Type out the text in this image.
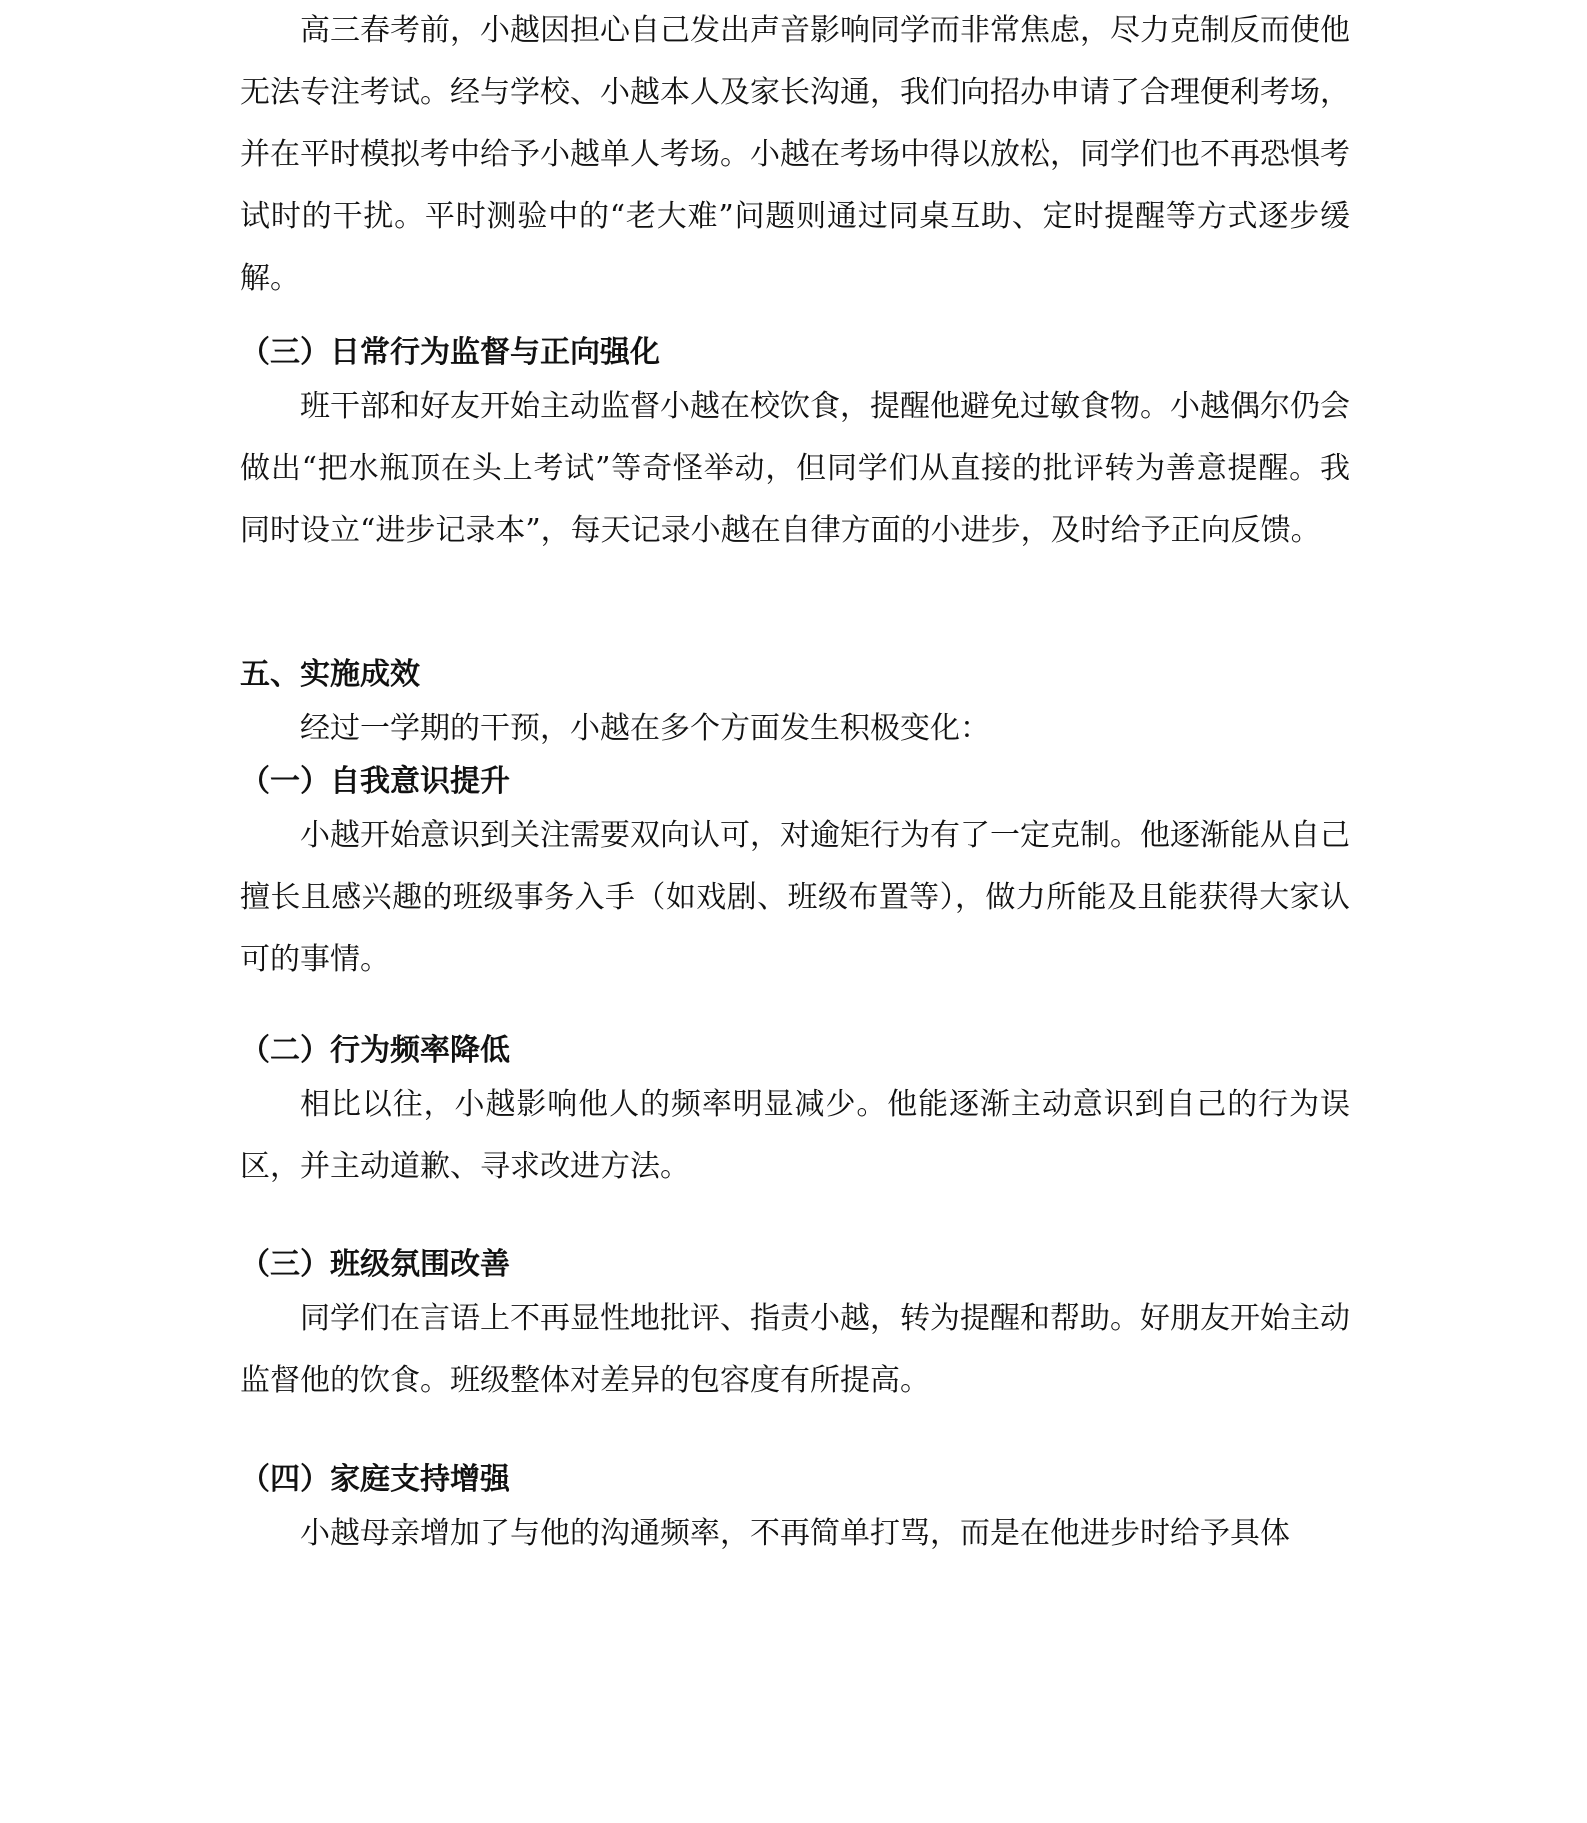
高三春考前，小越因担心自己发出声音影响同学而非常焦虑，尽力克制反而使他无法专注考试。经与学校、小越本人及家长沟通，我们向招办申请了合理便利考场，并在平时模拟考中给予小越单人考场。小越在考场中得以放松，同学们也不再恐惧考试时的干扰。平时测验中的“老大难”问题则通过同桌互助、定时提醒等方式逐步缓解。

（三）日常行为监督与正向强化

班干部和好友开始主动监督小越在校饮食，提醒他避免过敏食物。小越偶尔仍会做出“把水瓶顶在头上考试”等奇怪举动，但同学们从直接的批评转为善意提醒。我同时设立“进步记录本”，每天记录小越在自律方面的小进步，及时给予正向反馈。

五、实施成效

经过一学期的干预，小越在多个方面发生积极变化：

（一）自我意识提升

小越开始意识到关注需要双向认可，对逾矩行为有了一定克制。他逐渐能从自己擅长且感兴趣的班级事务入手（如戏剧、班级布置等），做力所能及且能获得大家认可的事情。

（二）行为频率降低

相比以往，小越影响他人的频率明显减少。他能逐渐主动意识到自己的行为误区，并主动道歉、寻求改进方法。

（三）班级氛围改善

同学们在言语上不再显性地批评、指责小越，转为提醒和帮助。好朋友开始主动监督他的饮食。班级整体对差异的包容度有所提高。

（四）家庭支持增强

小越母亲增加了与他的沟通频率，不再简单打骂，而是在他进步时给予具体
